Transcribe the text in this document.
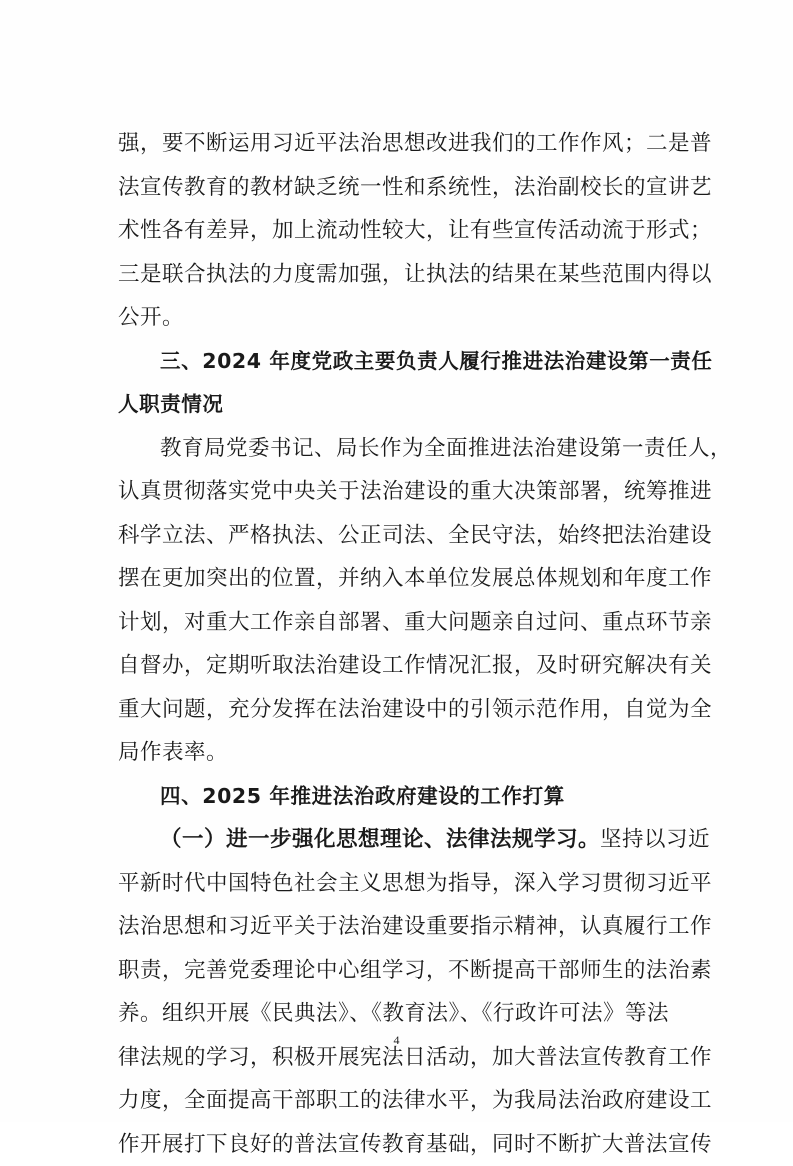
强，要不断运用习近平法治思想改进我们的工作作风；二是普
法宣传教育的教材缺乏统一性和系统性，法治副校长的宣讲艺
术性各有差异，加上流动性较大，让有些宣传活动流于形式；
三是联合执法的力度需加强，让执法的结果在某些范围内得以
公开。
三、2024 年度党政主要负责人履行推进法治建设第一责任
人职责情况
教育局党委书记、局长作为全面推进法治建设第一责任人，
认真贯彻落实党中央关于法治建设的重大决策部署，统筹推进
科学立法、严格执法、公正司法、全民守法，始终把法治建设
摆在更加突出的位置，并纳入本单位发展总体规划和年度工作
计划，对重大工作亲自部署、重大问题亲自过问、重点环节亲
自督办，定期听取法治建设工作情况汇报，及时研究解决有关
重大问题，充分发挥在法治建设中的引领示范作用，自觉为全
局作表率。
四、2025 年推进法治政府建设的工作打算
（一）进一步强化思想理论、法律法规学习。坚持以习近
平新时代中国特色社会主义思想为指导，深入学习贯彻习近平
法治思想和习近平关于法治建设重要指示精神，认真履行工作
职责，完善党委理论中心组学习，不断提高干部师生的法治素
养。组织开展《民典法》、《教育法》、《行政许可法》等法
律法规的学习，积极开展宪法日活动，加大普法宣传教育工作
力度，全面提高干部职工的法律水平，为我局法治政府建设工
作开展打下良好的普法宣传教育基础，同时不断扩大普法宣传
4
